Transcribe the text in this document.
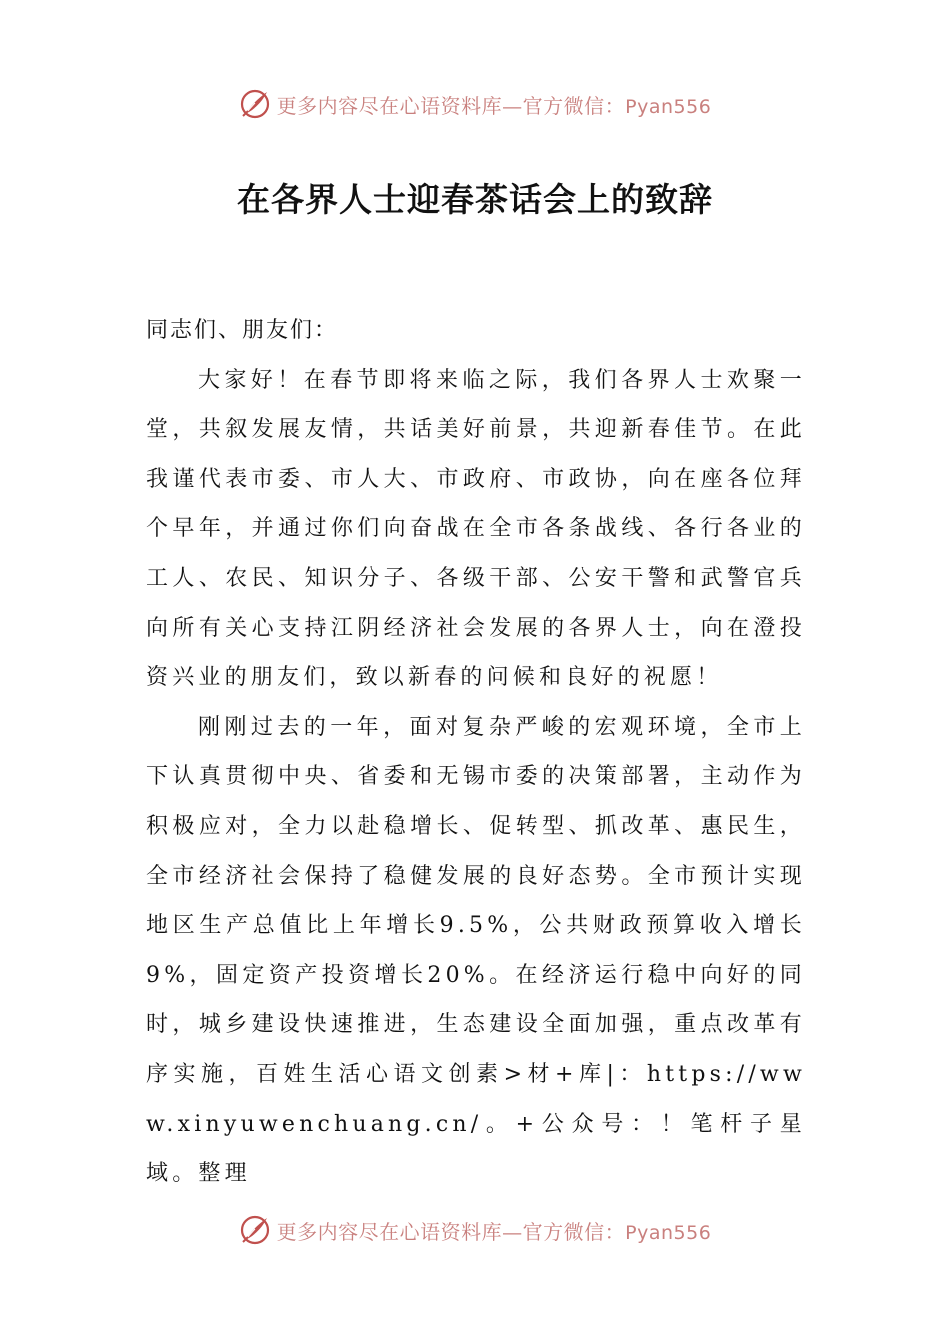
更多内容尽在心语资料库—官方微信：Pyan556
在各界人士迎春茶话会上的致辞

同志们、朋友们：

大家好！在春节即将来临之际，我们各界人士欢聚一堂，共叙发展友情，共话美好前景，共迎新春佳节。在此我谨代表市委、市人大、市政府、市政协，向在座各位拜个早年，并通过你们向奋战在全市各条战线、各行各业的工人、农民、知识分子、各级干部、公安干警和武警官兵向所有关心支持江阴经济社会发展的各界人士，向在澄投资兴业的朋友们，致以新春的问候和良好的祝愿！

刚刚过去的一年，面对复杂严峻的宏观环境，全市上下认真贯彻中央、省委和无锡市委的决策部署，主动作为积极应对，全力以赴稳增长、促转型、抓改革、惠民生，全市经济社会保持了稳健发展的良好态势。全市预计实现地区生产总值比上年增长9.5%，公共财政预算收入增长9%，固定资产投资增长20%。在经济运行稳中向好的同时，城乡建设快速推进，生态建设全面加强，重点改革有序实施，百姓生活心语文创素>材+库|：https://www.xinyuwenchuang.cn/。+公众号：！笔杆子星域。整理

更多内容尽在心语资料库—官方微信：Pyan556
